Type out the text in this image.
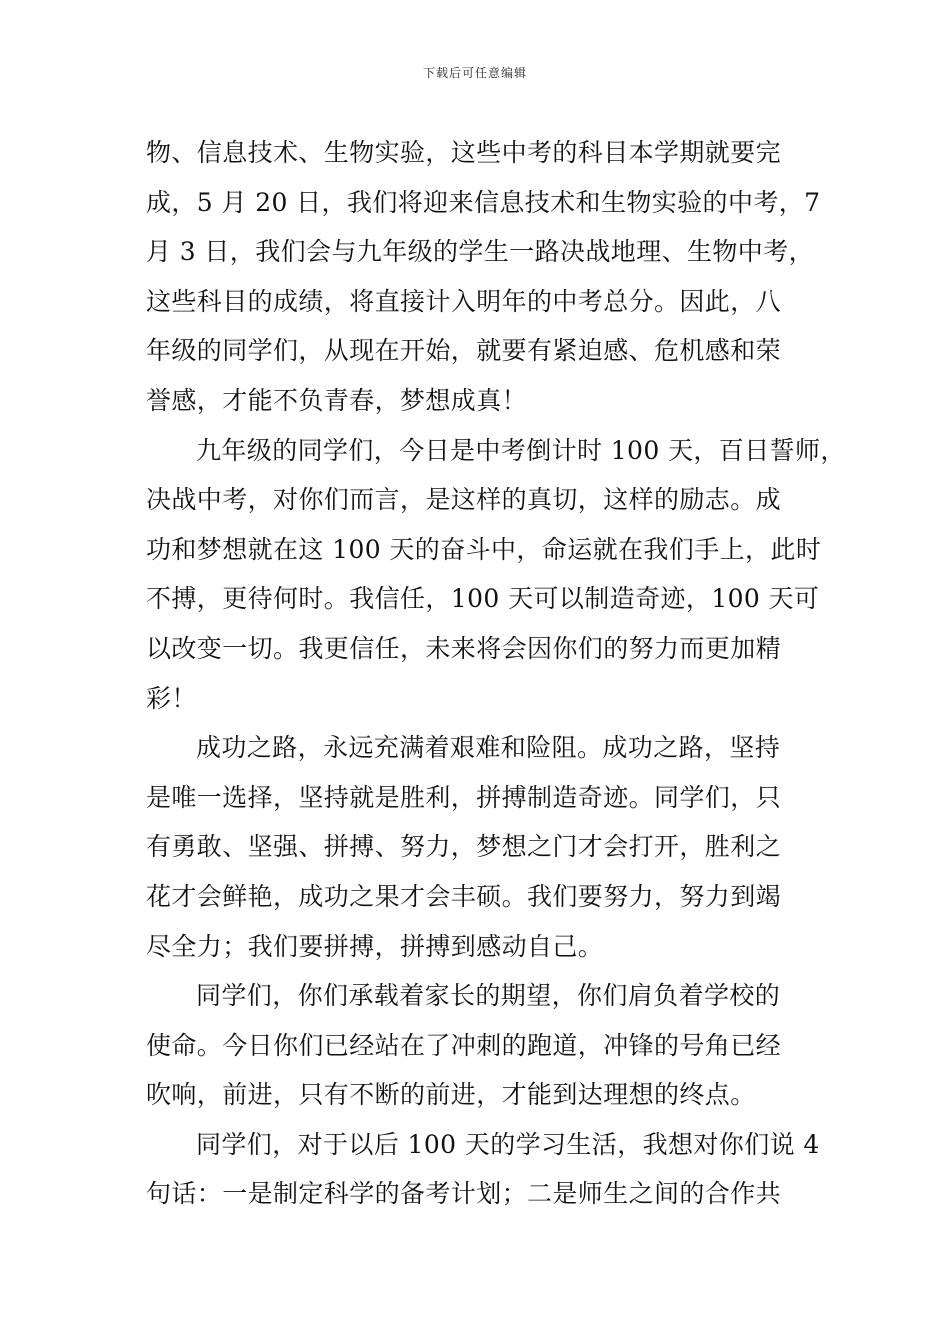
下载后可任意编辑
物、信息技术、生物实验，这些中考的科目本学期就要完
成，5 月 20 日，我们将迎来信息技术和生物实验的中考，7
月 3 日，我们会与九年级的学生一路决战地理、生物中考，
这些科目的成绩，将直接计入明年的中考总分。因此，八
年级的同学们，从现在开始，就要有紧迫感、危机感和荣
誉感，才能不负青春，梦想成真！
九年级的同学们，今日是中考倒计时 100 天，百日誓师，
决战中考，对你们而言，是这样的真切，这样的励志。成
功和梦想就在这 100 天的奋斗中，命运就在我们手上，此时
不搏，更待何时。我信任，100 天可以制造奇迹，100 天可
以改变一切。我更信任，未来将会因你们的努力而更加精
彩！
成功之路，永远充满着艰难和险阻。成功之路，坚持
是唯一选择，坚持就是胜利，拼搏制造奇迹。同学们，只
有勇敢、坚强、拼搏、努力，梦想之门才会打开，胜利之
花才会鲜艳，成功之果才会丰硕。我们要努力，努力到竭
尽全力；我们要拼搏，拼搏到感动自己。
同学们，你们承载着家长的期望，你们肩负着学校的
使命。今日你们已经站在了冲刺的跑道，冲锋的号角已经
吹响，前进，只有不断的前进，才能到达理想的终点。
同学们，对于以后 100 天的学习生活，我想对你们说 4
句话：一是制定科学的备考计划；二是师生之间的合作共
